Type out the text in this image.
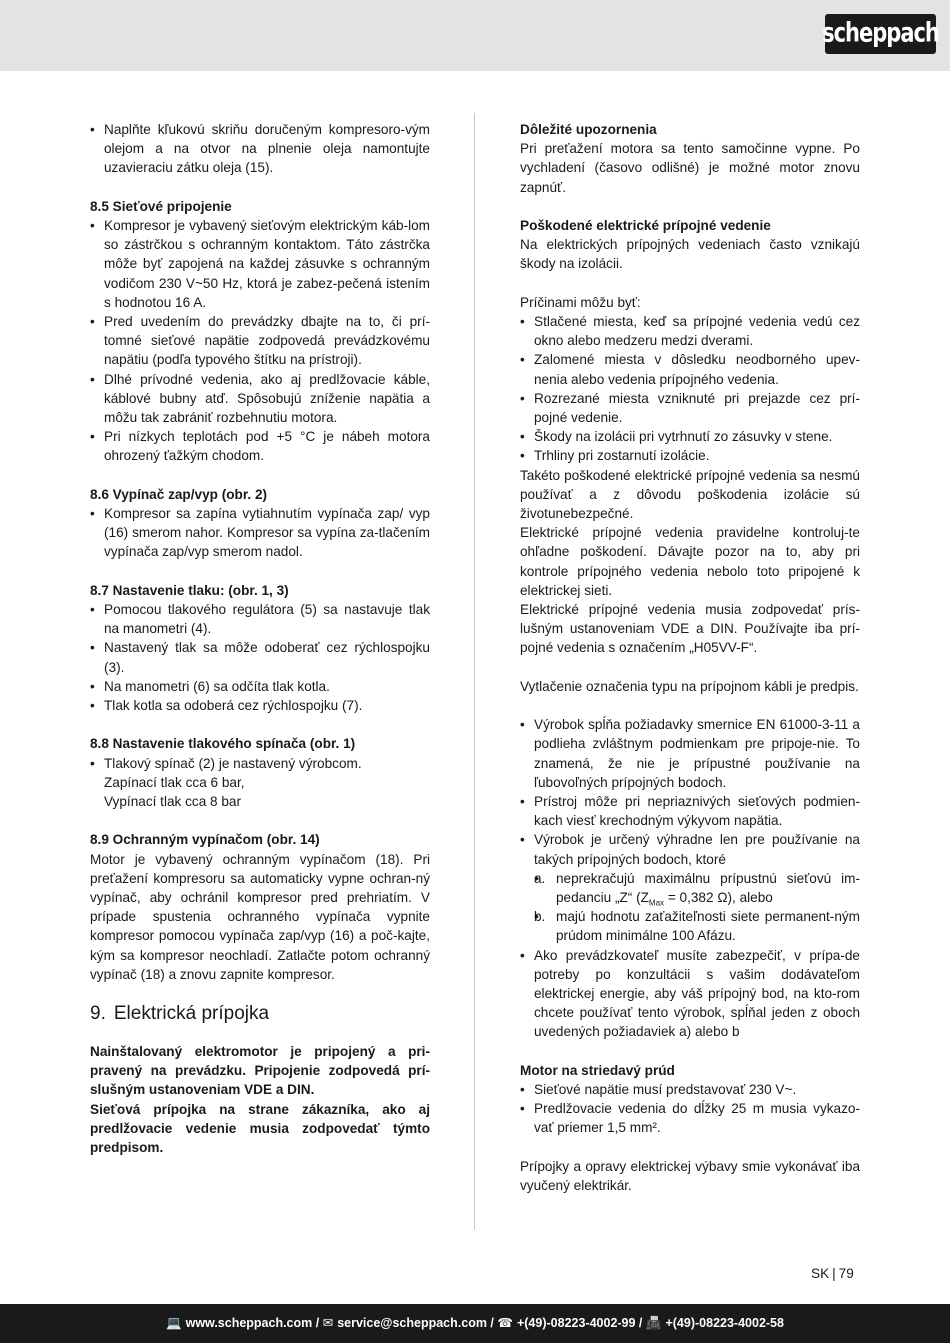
scheppach
• Naplňte kľukovú skriňu doručeným kompresoro-vým olejom a na otvor na plnenie oleja namontujte uzavieraciu zátku oleja (15).
8.5 Sieťové pripojenie
• Kompresor je vybavený sieťovým elektrickým káb-lom so zástrčkou s ochranným kontaktom. Táto zástrčka môže byť zapojená na každej zásuvke s ochranným vodičom 230 V~50 Hz, ktorá je zabez-pečená istením s hodnotou 16 A.
• Pred uvedením do prevádzky dbajte na to, či prí-tomné sieťové napätie zodpovedá prevádzkovému napätiu (podľa typového štítku na prístroji).
• Dlhé prívodné vedenia, ako aj predlžovacie káble, káblové bubny atď. Spôsobujú zníženie napätia a môžu tak zabrániť rozbehnutiu motora.
• Pri nízkych teplotách pod +5 °C je nábeh motora ohrozený ťažkým chodom.
8.6 Vypínač zap/vyp (obr. 2)
• Kompresor sa zapína vytiahnutím vypínača zap/ vyp (16) smerom nahor. Kompresor sa vypína za-tlačením vypínača zap/vyp smerom nadol.
8.7 Nastavenie tlaku: (obr. 1, 3)
• Pomocou tlakového regulátora (5) sa nastavuje tlak na manometri (4).
• Nastavený tlak sa môže odoberať cez rýchlospojku (3).
• Na manometri (6) sa odčíta tlak kotla.
• Tlak kotla sa odoberá cez rýchlospojku (7).
8.8 Nastavenie tlakového spínača (obr. 1)
• Tlakový spínač (2) je nastavený výrobcom.
Zapínací tlak cca 6 bar,
Vypínací tlak cca 8 bar
8.9 Ochranným vypínačom (obr. 14)

Motor je vybavený ochranným vypínačom (18). Pri preťažení kompresoru sa automaticky vypne ochran-ný vypínač, aby ochránil kompresor pred prehriatím. V prípade spustenia ochranného vypínača vypnite kompresor pomocou vypínača zap/vyp (16) a poč-kajte, kým sa kompresor neochladí. Zatlačte potom ochranný vypínač (18) a znovu zapnite kompresor.

9. Elektrická prípojka

Nainštalovaný elektromotor je pripojený a pri-pravený na prevádzku. Pripojenie zodpovedá prí-slušným ustanoveniam VDE a DIN.

Sieťová prípojka na strane zákazníka, ako aj predlžovacie vedenie musia zodpovedať týmto predpisom.

Dôležité upozornenia

Pri preťažení motora sa tento samočinne vypne. Po vychladení (časovo odlišné) je možné motor znovu zapnúť.

Poškodené elektrické prípojné vedenie

Na elektrických prípojných vedeniach často vznikajú škody na izolácii.

Príčinami môžu byť:

• Stlačené miesta, keď sa prípojné vedenia vedú cez okno alebo medzeru medzi dverami.
• Zalomené miesta v dôsledku neodborného upev-nenia alebo vedenia prípojného vedenia.
• Rozrezané miesta vzniknuté pri prejazde cez prí-pojné vedenie.
• Škody na izolácii pri vytrhnutí zo zásuvky v stene.
• Trhliny pri zostarnutí izolácie.

Takéto poškodené elektrické prípojné vedenia sa nesmú používať a z dôvodu poškodenia izolácie sú životunebezpečné.

Elektrické prípojné vedenia pravidelne kontroluj-te ohľadne poškodení. Dávajte pozor na to, aby pri kontrole prípojného vedenia nebolo toto pripojené k elektrickej sieti.

Elektrické prípojné vedenia musia zodpovedať prís-lušným ustanoveniam VDE a DIN. Používajte iba prí-pojné vedenia s označením „H05VV-F“.

Vytlačenie označenia typu na prípojnom kábli je predpis.

• Výrobok spĺňa požiadavky smernice EN 61000-3-11 a podlieha zvláštnym podmienkam pre pripoje-nie. To znamená, že nie je prípustné používanie na ľubovoľných prípojných bodoch.
• Prístroj môže pri nepriaznivých sieťových podmien-kach viesť krechodným výkyvom napätia.
• Výrobok je určený výhradne len pre používanie na takých prípojných bodoch, ktoré
• a. neprekračujú maximálnu prípustnú sieťovú im-pedanciu „Z“ ($Z_{Max} = 0,382$ Ω), alebo
• b. majú hodnotu zaťažiteľnosti siete permanent-ným prúdom minimálne 100 Afázu.
• Ako prevádzkovateľ musíte zabezpečiť, v prípa-de potreby po konzultácii s vašim dodávateľom elektrickej energie, aby váš prípojný bod, na kto-rom chcete používať tento výrobok, spĺňal jeden z oboch uvedených požiadaviek a) alebo b
Motor na striedavý prúd
• Sieťové napätie musí predstavovať 230 V~.
• Predlžovacie vedenia do dĺžky 25 m musia vykazo-vať priemer 1,5 mm².

Prípojky a opravy elektrickej výbavy smie vykonávať iba vyučený elektrikár.

SK | 79
💻 www.scheppach.com /
✉ service@scheppach.com /
☎ +(49)-08223-4002-99 /
📠 +(49)-08223-4002-58
